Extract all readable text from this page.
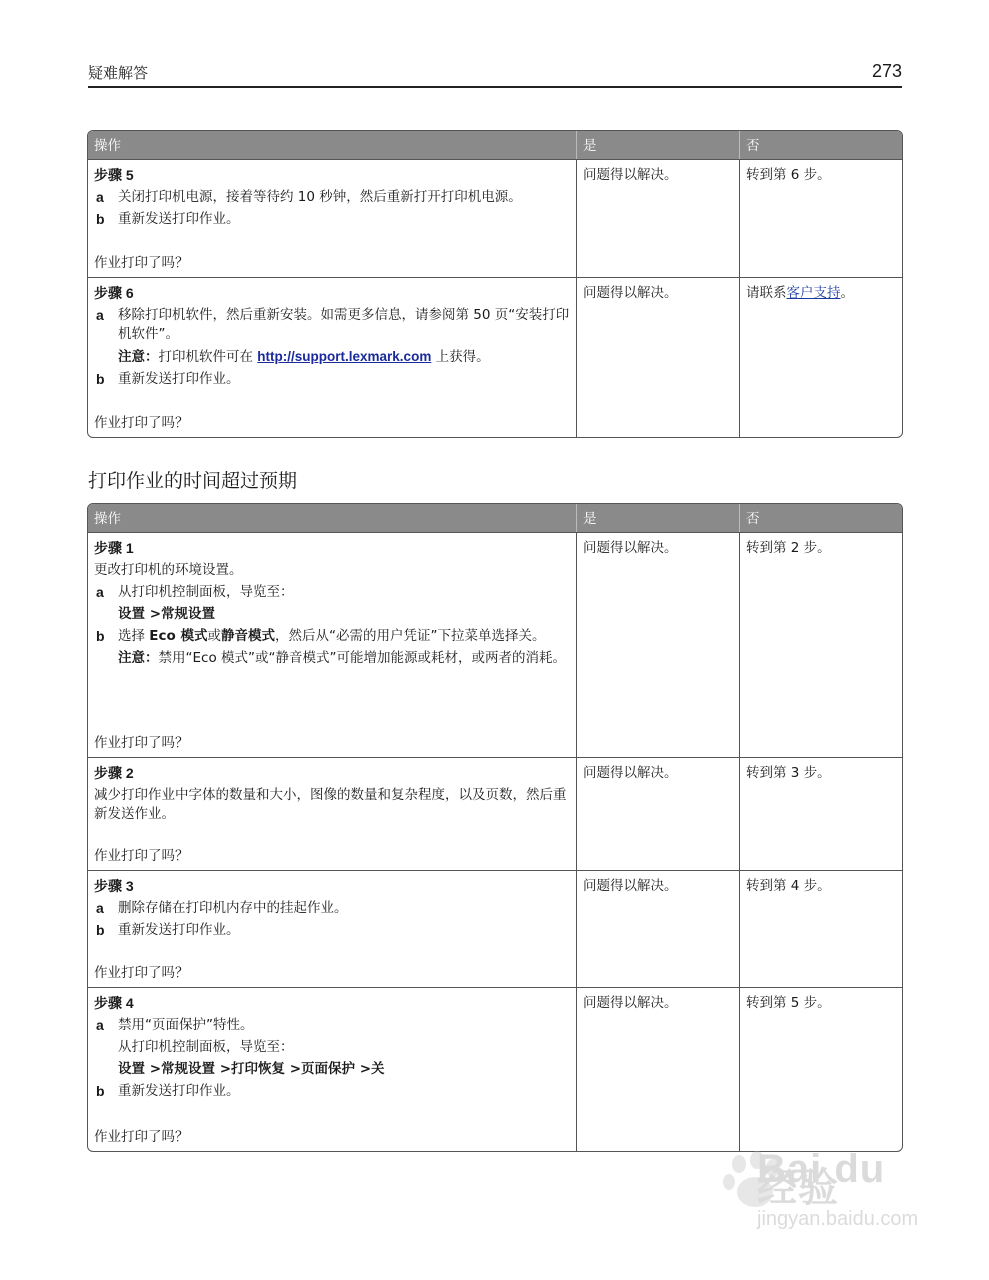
疑难解答	273
操作	是	否
步骤 5
a	关闭打印机电源，接着等待约 10 秒钟，然后重新打开打印机电源。
b 重新发送打印作业。
作业打印了吗？
问题得以解决。	转到第 6 步。
步骤 6
a	移除打印机软件，然后重新安装。如需更多信息，请参阅第 50 页“安装打印机软件”。
注意：打印机软件可在 http://support.lexmark.com 上获得。
b 重新发送打印作业。
作业打印了吗？
问题得以解决。	请联系客户支持。
打印作业的时间超过预期
操作	是	否
步骤 1
更改打印机的环境设置。
a	从打印机控制面板，导览至：
设置 >常规设置
b 选择 Eco 模式或静音模式，然后从“必需的用户凭证”下拉菜单选择关。
注意：禁用“Eco 模式”或“静音模式”可能增加能源或耗材，或两者的消耗。
作业打印了吗？
问题得以解决。	转到第 2 步。
步骤 2
减少打印作业中字体的数量和大小，图像的数量和复杂程度，以及页数，然后重新发送作业。
作业打印了吗？
问题得以解决。	转到第 3 步。
步骤 3
a	删除存储在打印机内存中的挂起作业。
b 重新发送打印作业。
作业打印了吗？
问题得以解决。	转到第 4 步。
步骤 4
a	禁用“页面保护”特性。
从打印机控制面板，导览至：
设置 >常规设置 >打印恢复 >页面保护 >关
b 重新发送打印作业。
作业打印了吗？
问题得以解决。	转到第 5 步。
Bai du 经验
jingyan.baidu.com
